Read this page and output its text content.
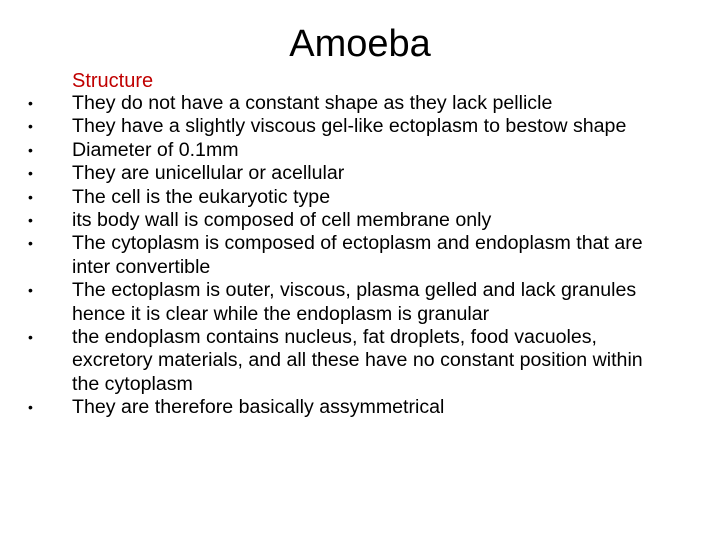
Amoeba
Structure
• They do not have a constant shape as they lack pellicle
• They have a slightly viscous gel-like ectoplasm to bestow shape
• Diameter of 0.1mm
• They are unicellular or acellular
• The cell is the eukaryotic type
• its body wall is composed of cell membrane only
• The cytoplasm is composed of ectoplasm and endoplasm that are inter convertible
• The ectoplasm is outer, viscous, plasma gelled and lack granules hence it is clear while the endoplasm is granular
• the endoplasm contains nucleus, fat droplets, food vacuoles, excretory materials, and all these have no constant position within the cytoplasm
• They are therefore basically assymmetrical
